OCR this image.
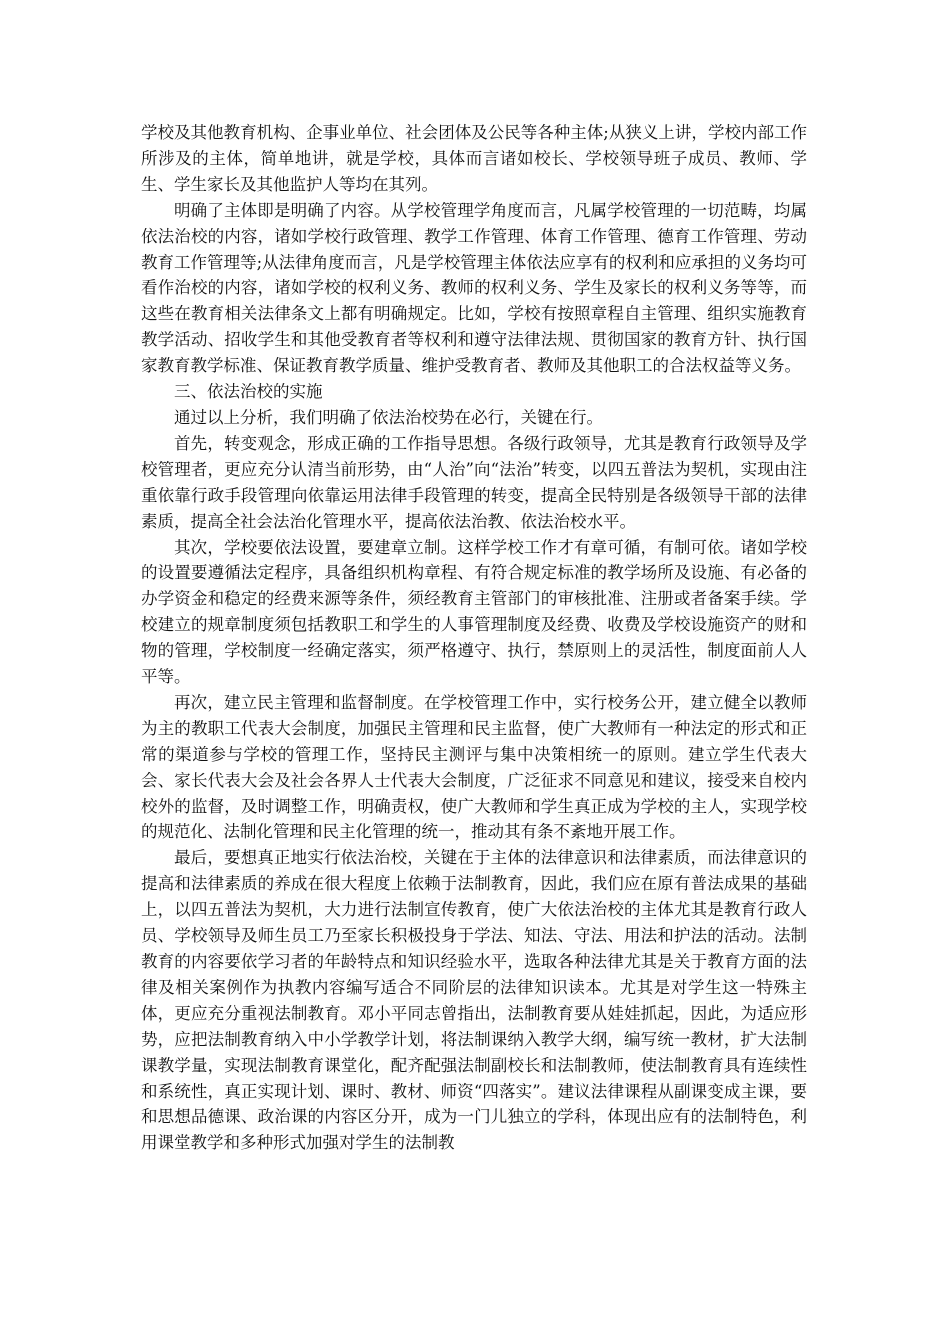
学校及其他教育机构、企事业单位、社会团体及公民等各种主体;从狭义上讲，学校内部工作所涉及的主体，简单地讲，就是学校，具体而言诸如校长、学校领导班子成员、教师、学生、学生家长及其他监护人等均在其列。

明确了主体即是明确了内容。从学校管理学角度而言，凡属学校管理的一切范畴，均属依法治校的内容，诸如学校行政管理、教学工作管理、体育工作管理、德育工作管理、劳动教育工作管理等;从法律角度而言，凡是学校管理主体依法应享有的权利和应承担的义务均可看作治校的内容，诸如学校的权利义务、教师的权利义务、学生及家长的权利义务等等，而这些在教育相关法律条文上都有明确规定。比如，学校有按照章程自主管理、组织实施教育教学活动、招收学生和其他受教育者等权利和遵守法律法规、贯彻国家的教育方针、执行国家教育教学标准、保证教育教学质量、维护受教育者、教师及其他职工的合法权益等义务。

三、依法治校的实施

通过以上分析，我们明确了依法治校势在必行，关键在行。

首先，转变观念，形成正确的工作指导思想。各级行政领导，尤其是教育行政领导及学校管理者，更应充分认清当前形势，由“人治”向“法治”转变，以四五普法为契机，实现由注重依靠行政手段管理向依靠运用法律手段管理的转变，提高全民特别是各级领导干部的法律素质，提高全社会法治化管理水平，提高依法治教、依法治校水平。

其次，学校要依法设置，要建章立制。这样学校工作才有章可循，有制可依。诸如学校的设置要遵循法定程序，具备组织机构章程、有符合规定标准的教学场所及设施、有必备的办学资金和稳定的经费来源等条件，须经教育主管部门的审核批准、注册或者备案手续。学校建立的规章制度须包括教职工和学生的人事管理制度及经费、收费及学校设施资产的财和物的管理，学校制度一经确定落实，须严格遵守、执行，禁原则上的灵活性，制度面前人人平等。

再次，建立民主管理和监督制度。在学校管理工作中，实行校务公开，建立健全以教师为主的教职工代表大会制度，加强民主管理和民主监督，使广大教师有一种法定的形式和正常的渠道参与学校的管理工作，坚持民主测评与集中决策相统一的原则。建立学生代表大会、家长代表大会及社会各界人士代表大会制度，广泛征求不同意见和建议，接受来自校内校外的监督，及时调整工作，明确责权，使广大教师和学生真正成为学校的主人，实现学校的规范化、法制化管理和民主化管理的统一，推动其有条不紊地开展工作。

最后，要想真正地实行依法治校，关键在于主体的法律意识和法律素质，而法律意识的提高和法律素质的养成在很大程度上依赖于法制教育，因此，我们应在原有普法成果的基础上，以四五普法为契机，大力进行法制宣传教育，使广大依法治校的主体尤其是教育行政人员、学校领导及师生员工乃至家长积极投身于学法、知法、守法、用法和护法的活动。法制教育的内容要依学习者的年龄特点和知识经验水平，选取各种法律尤其是关于教育方面的法律及相关案例作为执教内容编写适合不同阶层的法律知识读本。尤其是对学生这一特殊主体，更应充分重视法制教育。邓小平同志曾指出，法制教育要从娃娃抓起，因此，为适应形势，应把法制教育纳入中小学教学计划，将法制课纳入教学大纲，编写统一教材，扩大法制课教学量，实现法制教育课堂化，配齐配强法制副校长和法制教师，使法制教育具有连续性和系统性，真正实现计划、课时、教材、师资“四落实”。建议法律课程从副课变成主课，要和思想品德课、政治课的内容区分开，成为一门儿独立的学科，体现出应有的法制特色，利用课堂教学和多种形式加强对学生的法制教
